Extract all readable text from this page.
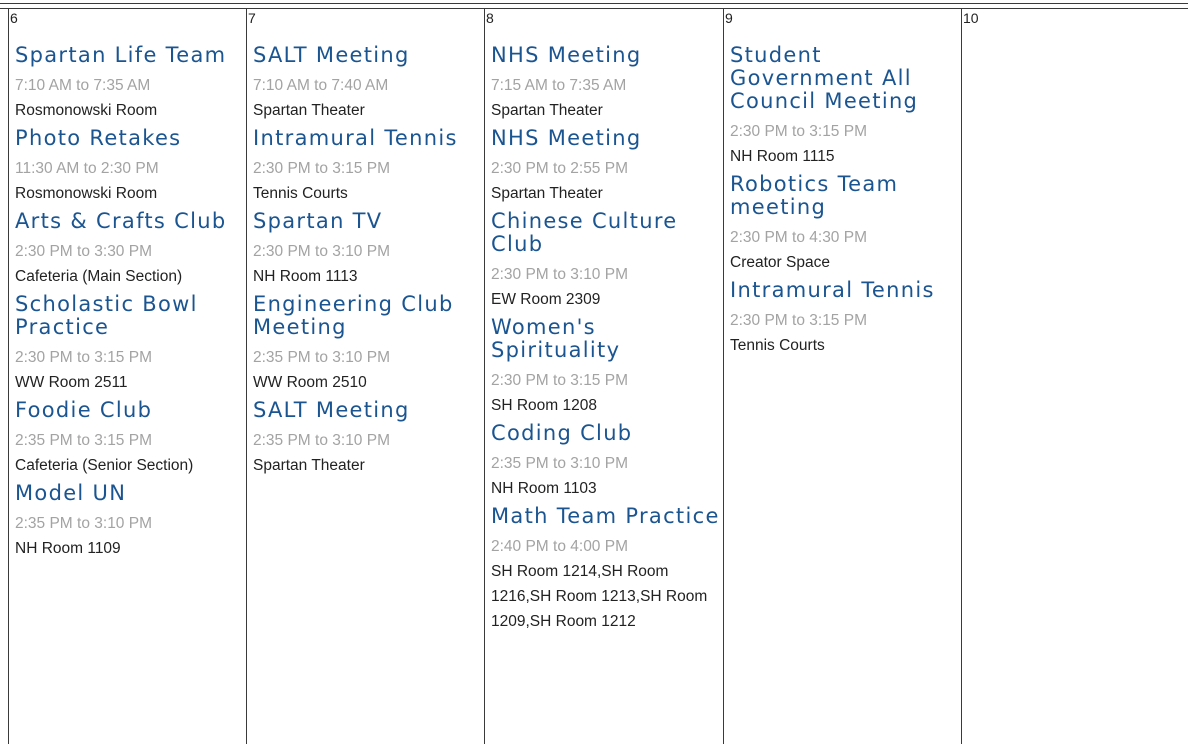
6
Spartan Life Team
7:10 AM to 7:35 AM
Rosmonowski Room
Photo Retakes
11:30 AM to 2:30 PM
Rosmonowski Room
Arts & Crafts Club
2:30 PM to 3:30 PM
Cafeteria (Main Section)
Scholastic Bowl Practice
2:30 PM to 3:15 PM
WW Room 2511
Foodie Club
2:35 PM to 3:15 PM
Cafeteria (Senior Section)
Model UN
2:35 PM to 3:10 PM
NH Room 1109
7
SALT Meeting
7:10 AM to 7:40 AM
Spartan Theater
Intramural Tennis
2:30 PM to 3:15 PM
Tennis Courts
Spartan TV
2:30 PM to 3:10 PM
NH Room 1113
Engineering Club Meeting
2:35 PM to 3:10 PM
WW Room 2510
SALT Meeting
2:35 PM to 3:10 PM
Spartan Theater
8
NHS Meeting
7:15 AM to 7:35 AM
Spartan Theater
NHS Meeting
2:30 PM to 2:55 PM
Spartan Theater
Chinese Culture Club
2:30 PM to 3:10 PM
EW Room 2309
Women's Spirituality
2:30 PM to 3:15 PM
SH Room 1208
Coding Club
2:35 PM to 3:10 PM
NH Room 1103
Math Team Practice
2:40 PM to 4:00 PM
SH Room 1214,SH Room 1216,SH Room 1213,SH Room 1209,SH Room 1212
9
Student Government All Council Meeting
2:30 PM to 3:15 PM
NH Room 1115
Robotics Team meeting
2:30 PM to 4:30 PM
Creator Space
Intramural Tennis
2:30 PM to 3:15 PM
Tennis Courts
10
